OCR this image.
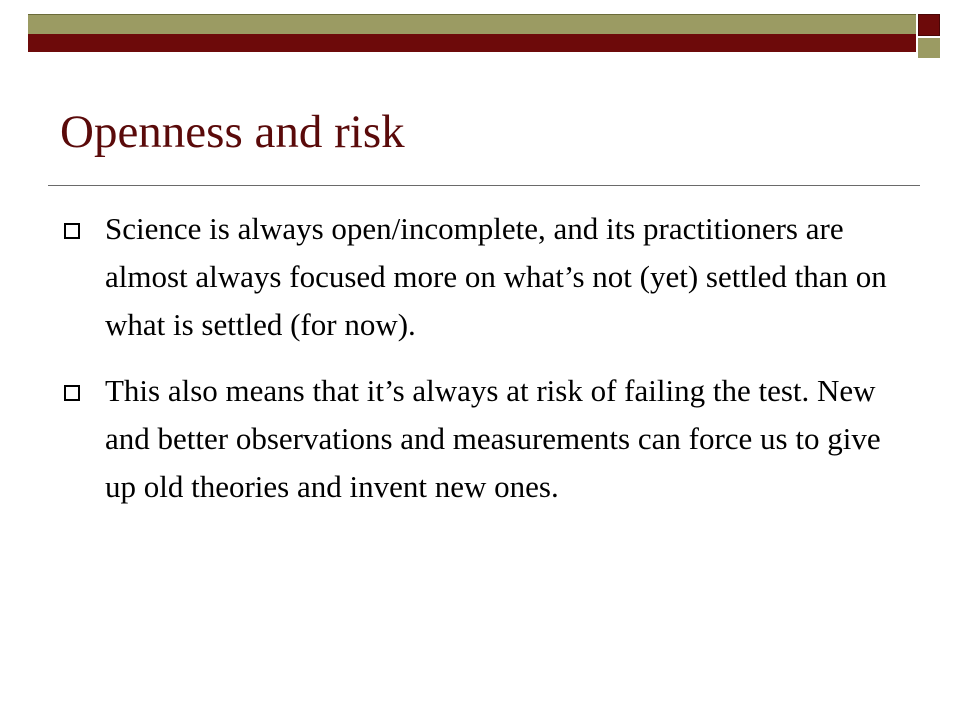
Openness and risk
Science is always open/incomplete, and its practitioners are almost always focused more on what’s not (yet) settled than on what is settled (for now).
This also means that it’s always at risk of failing the test. New and better observations and measurements can force us to give up old theories and invent new ones.
